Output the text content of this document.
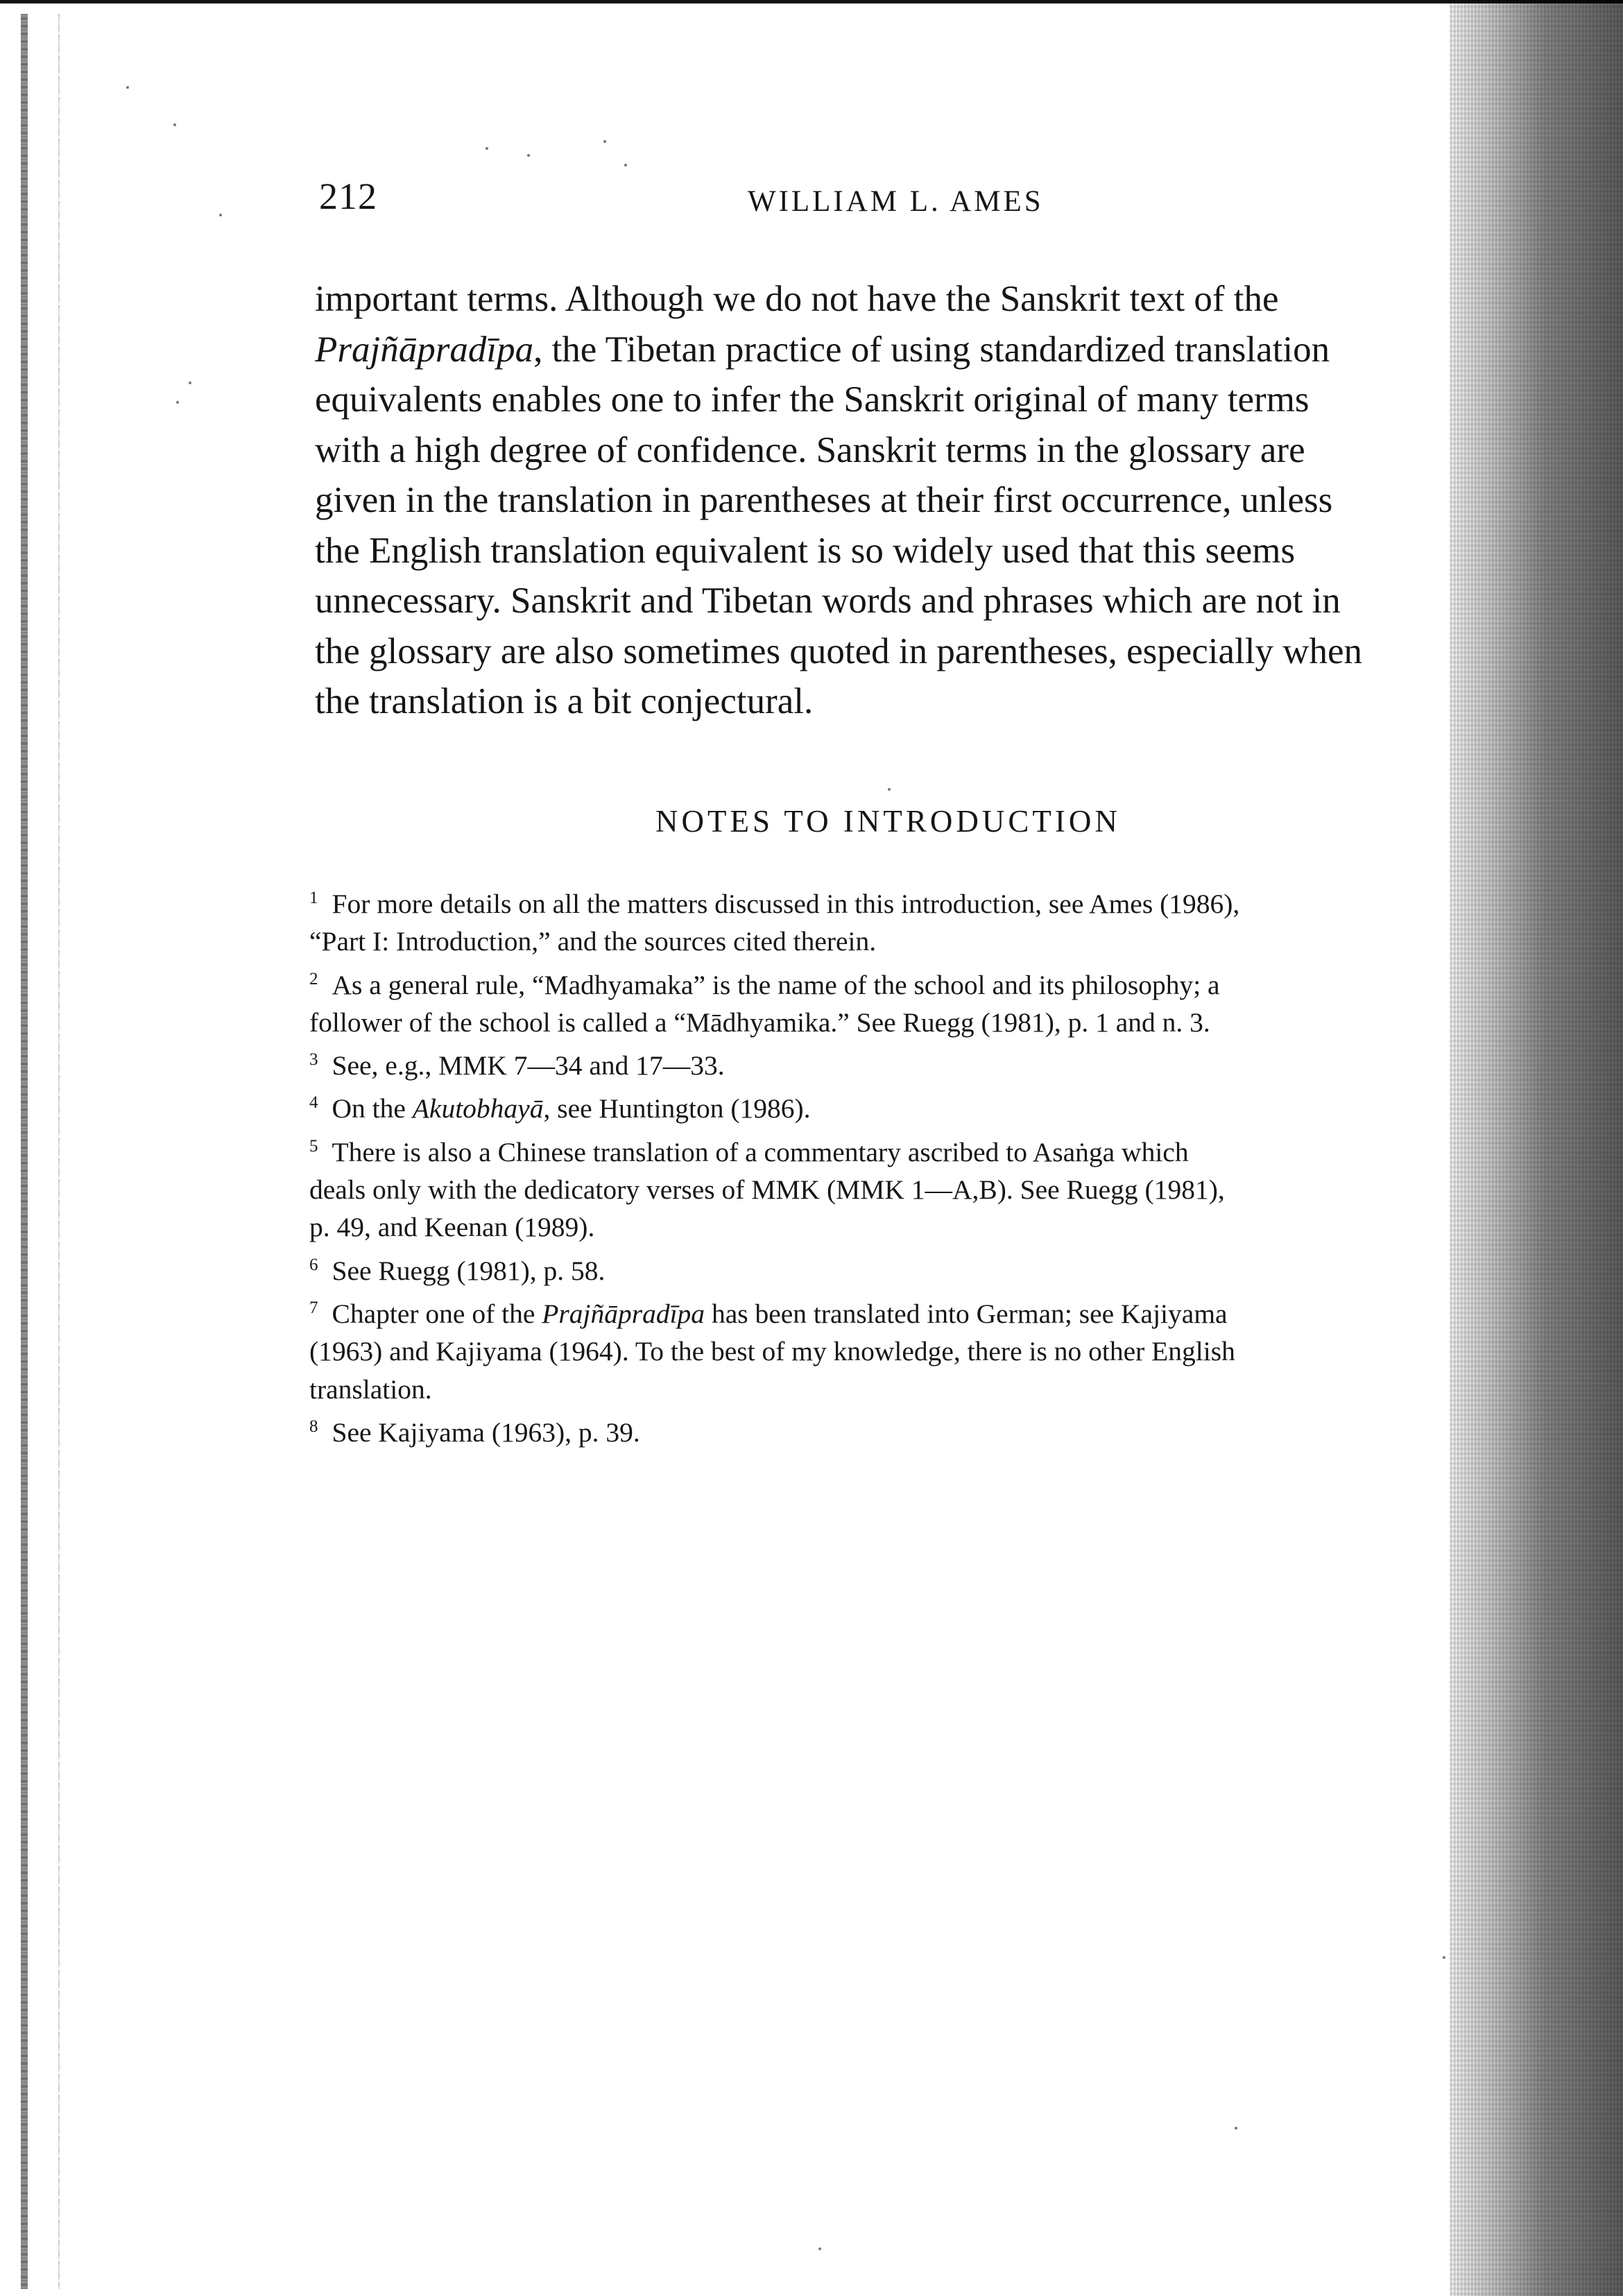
212	WILLIAM L. AMES
important terms. Although we do not have the Sanskrit text of the
Prajñāpradīpa, the Tibetan practice of using standardized translation
equivalents enables one to infer the Sanskrit original of many terms
with a high degree of confidence. Sanskrit terms in the glossary are
given in the translation in parentheses at their first occurrence, unless
the English translation equivalent is so widely used that this seems
unnecessary. Sanskrit and Tibetan words and phrases which are not in
the glossary are also sometimes quoted in parentheses, especially when
the translation is a bit conjectural.
NOTES TO INTRODUCTION
$^1$ For more details on all the matters discussed in this introduction, see Ames (1986),
“Part I: Introduction,” and the sources cited therein.
$^2$ As a general rule, “Madhyamaka” is the name of the school and its philosophy; a
follower of the school is called a “Mādhyamika.” See Ruegg (1981), p. 1 and n. 3.
$^3$ See, e.g., MMK 7—34 and 17—33.
$^4$ On the Akutobhayā, see Huntington (1986).
$^5$ There is also a Chinese translation of a commentary ascribed to Asaṅga which
deals only with the dedicatory verses of MMK (MMK 1—A,B). See Ruegg (1981),
p. 49, and Keenan (1989).
$^6$ See Ruegg (1981), p. 58.
$^7$ Chapter one of the Prajñāpradīpa has been translated into German; see Kajiyama
(1963) and Kajiyama (1964). To the best of my knowledge, there is no other English
translation.
$^8$ See Kajiyama (1963), p. 39.
